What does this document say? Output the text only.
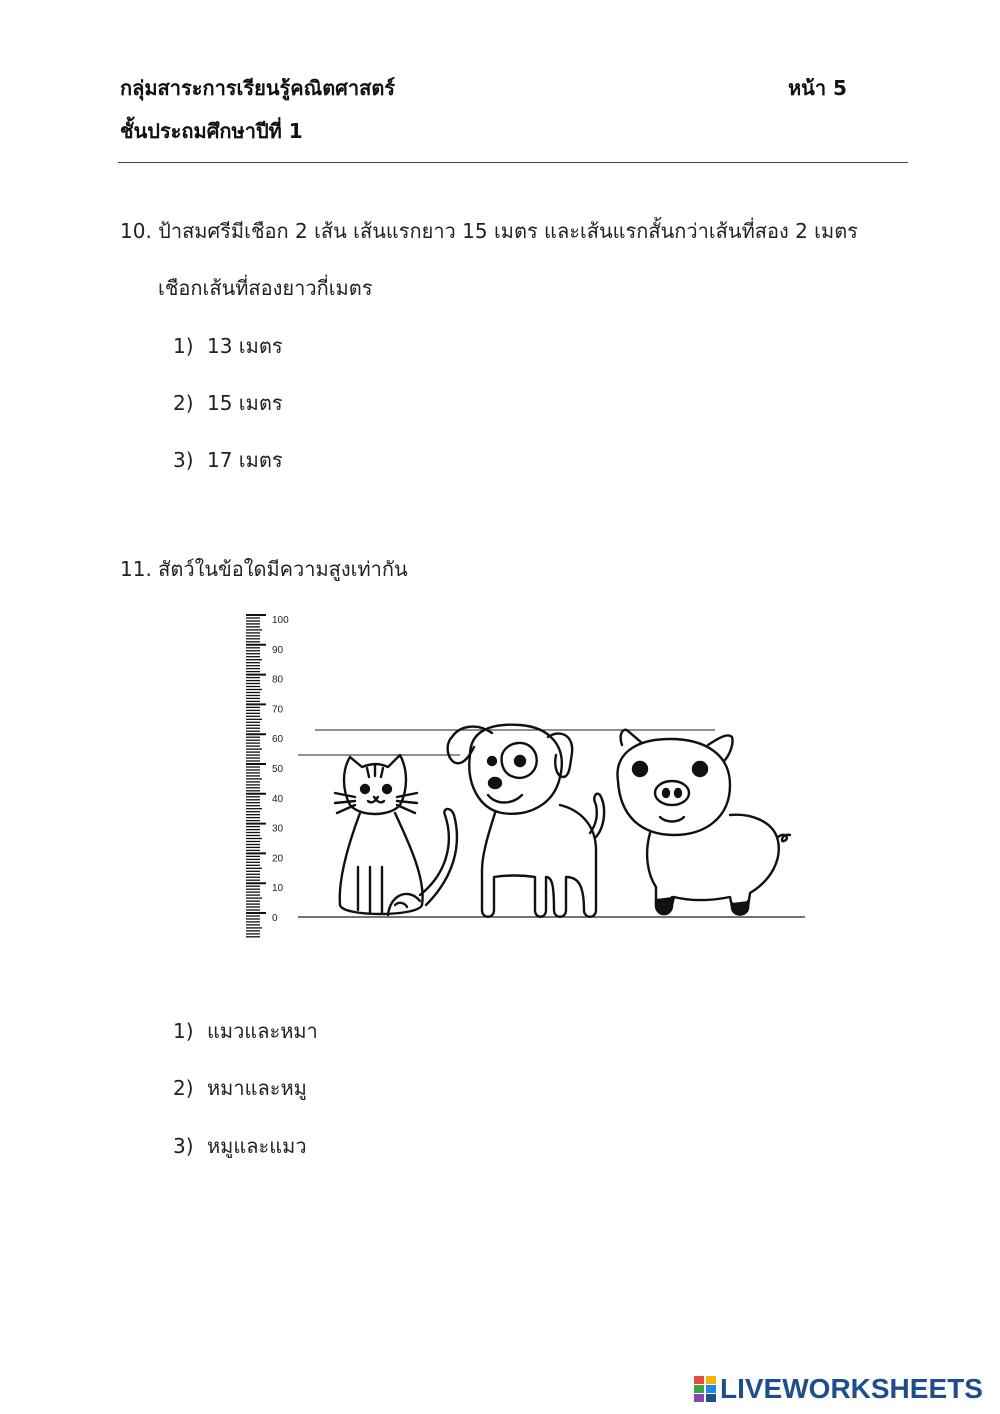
กลุ่มสาระการเรียนรู้คณิตศาสตร์
ชั้นประถมศึกษาปีที่ 1
หน้า 5
10. ป้าสมศรีมีเชือก 2 เส้น เส้นแรกยาว 15 เมตร และเส้นแรกสั้นกว่าเส้นที่สอง 2 เมตร
เชือกเส้นที่สองยาวกี่เมตร
1) 13 เมตร
2) 15 เมตร
3) 17 เมตร
11. สัตว์ในข้อใดมีความสูงเท่ากัน
100
90
80
70
60
50
40
30
20
10
0
1) แมวและหมา
2) หมาและหมู
3) หมูและแมว
LIVEWORKSHEETS
